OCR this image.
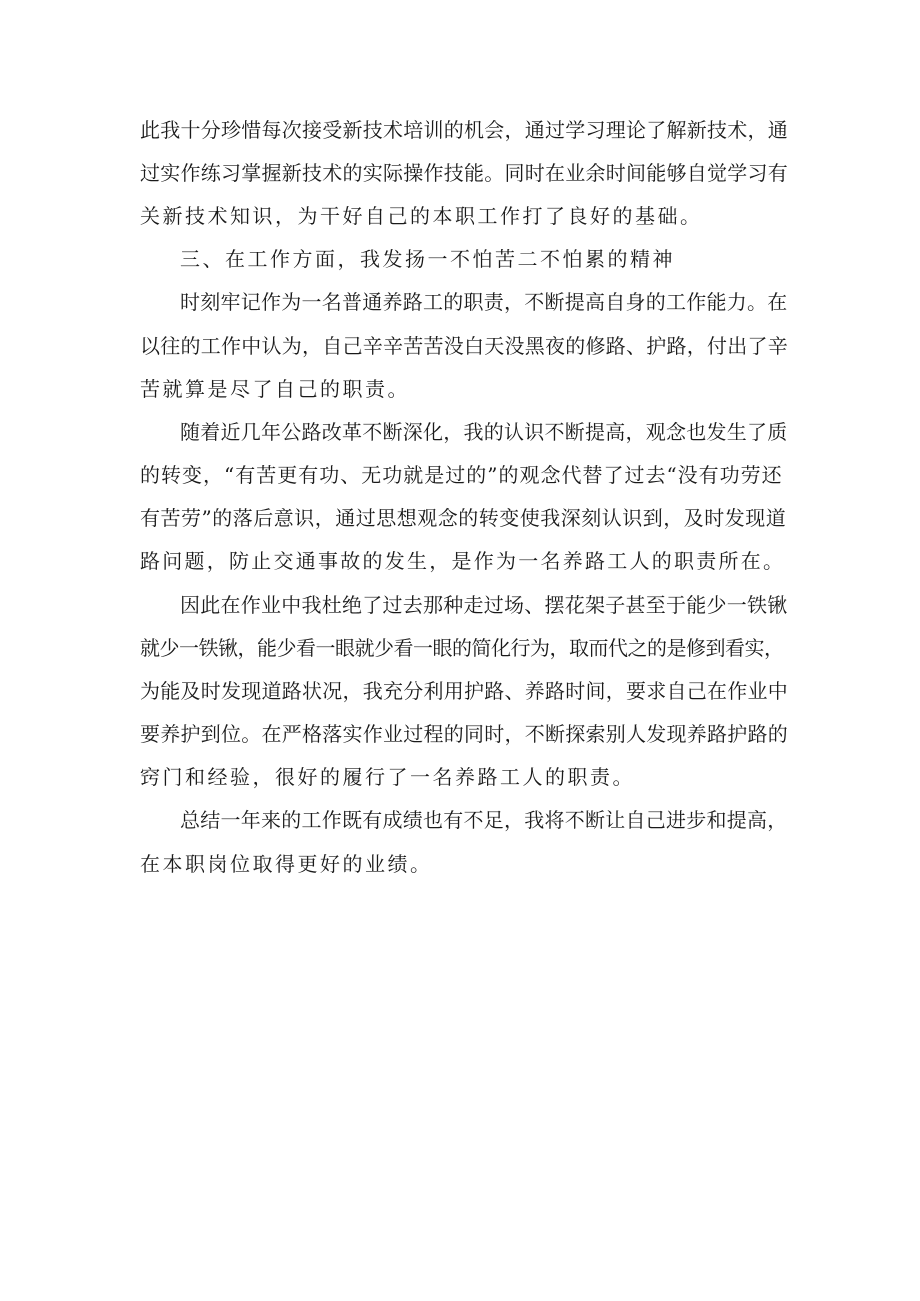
此我十分珍惜每次接受新技术培训的机会，通过学习理论了解新技术，通
过实作练习掌握新技术的实际操作技能。同时在业余时间能够自觉学习有
关新技术知识，为干好自己的本职工作打了良好的基础。
三、在工作方面，我发扬一不怕苦二不怕累的精神
时刻牢记作为一名普通养路工的职责，不断提高自身的工作能力。在
以往的工作中认为，自己辛辛苦苦没白天没黑夜的修路、护路，付出了辛
苦就算是尽了自己的职责。
随着近几年公路改革不断深化，我的认识不断提高，观念也发生了质
的转变，“有苦更有功、无功就是过的”的观念代替了过去“没有功劳还
有苦劳”的落后意识，通过思想观念的转变使我深刻认识到，及时发现道
路问题，防止交通事故的发生，是作为一名养路工人的职责所在。
因此在作业中我杜绝了过去那种走过场、摆花架子甚至于能少一铁锹
就少一铁锹，能少看一眼就少看一眼的简化行为，取而代之的是修到看实，
为能及时发现道路状况，我充分利用护路、养路时间，要求自己在作业中
要养护到位。在严格落实作业过程的同时，不断探索别人发现养路护路的
窍门和经验，很好的履行了一名养路工人的职责。
总结一年来的工作既有成绩也有不足，我将不断让自己进步和提高，
在本职岗位取得更好的业绩。
